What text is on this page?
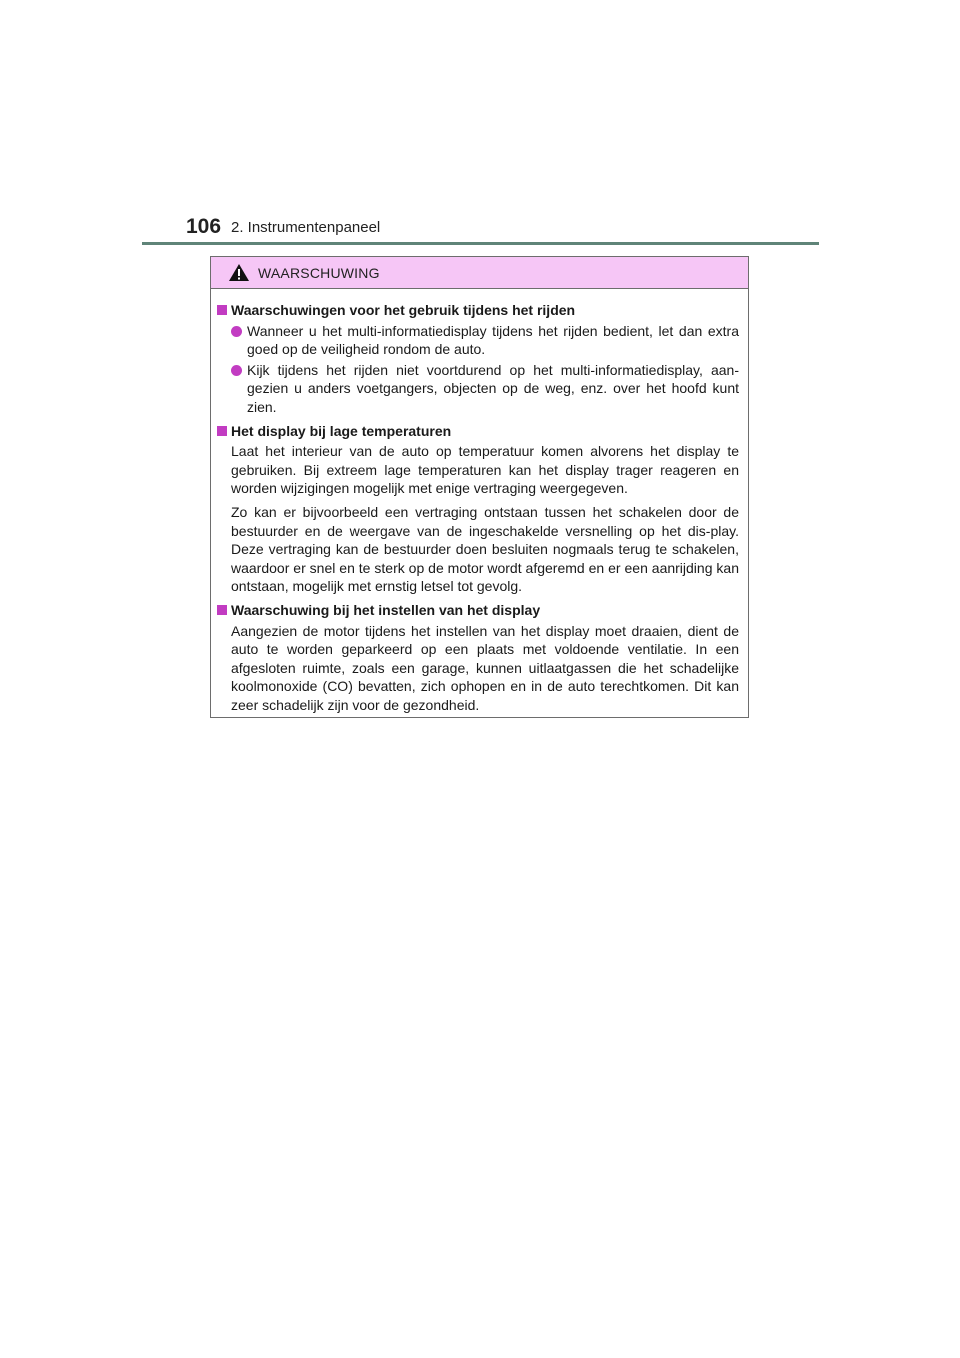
106 2. Instrumentenpaneel
WAARSCHUWING
Waarschuwingen voor het gebruik tijdens het rijden
Wanneer u het multi-informatiedisplay tijdens het rijden bedient, let dan extra goed op de veiligheid rondom de auto.
Kijk tijdens het rijden niet voortdurend op het multi-informatiedisplay, aan-gezien u anders voetgangers, objecten op de weg, enz. over het hoofd kunt zien.
Het display bij lage temperaturen
Laat het interieur van de auto op temperatuur komen alvorens het display te gebruiken. Bij extreem lage temperaturen kan het display trager reageren en worden wijzigingen mogelijk met enige vertraging weergegeven.
Zo kan er bijvoorbeeld een vertraging ontstaan tussen het schakelen door de bestuurder en de weergave van de ingeschakelde versnelling op het dis-play. Deze vertraging kan de bestuurder doen besluiten nogmaals terug te schakelen, waardoor er snel en te sterk op de motor wordt afgeremd en er een aanrijding kan ontstaan, mogelijk met ernstig letsel tot gevolg.
Waarschuwing bij het instellen van het display
Aangezien de motor tijdens het instellen van het display moet draaien, dient de auto te worden geparkeerd op een plaats met voldoende ventilatie. In een afgesloten ruimte, zoals een garage, kunnen uitlaatgassen die het schadelijke koolmonoxide (CO) bevatten, zich ophopen en in de auto terechtkomen. Dit kan zeer schadelijk zijn voor de gezondheid.
